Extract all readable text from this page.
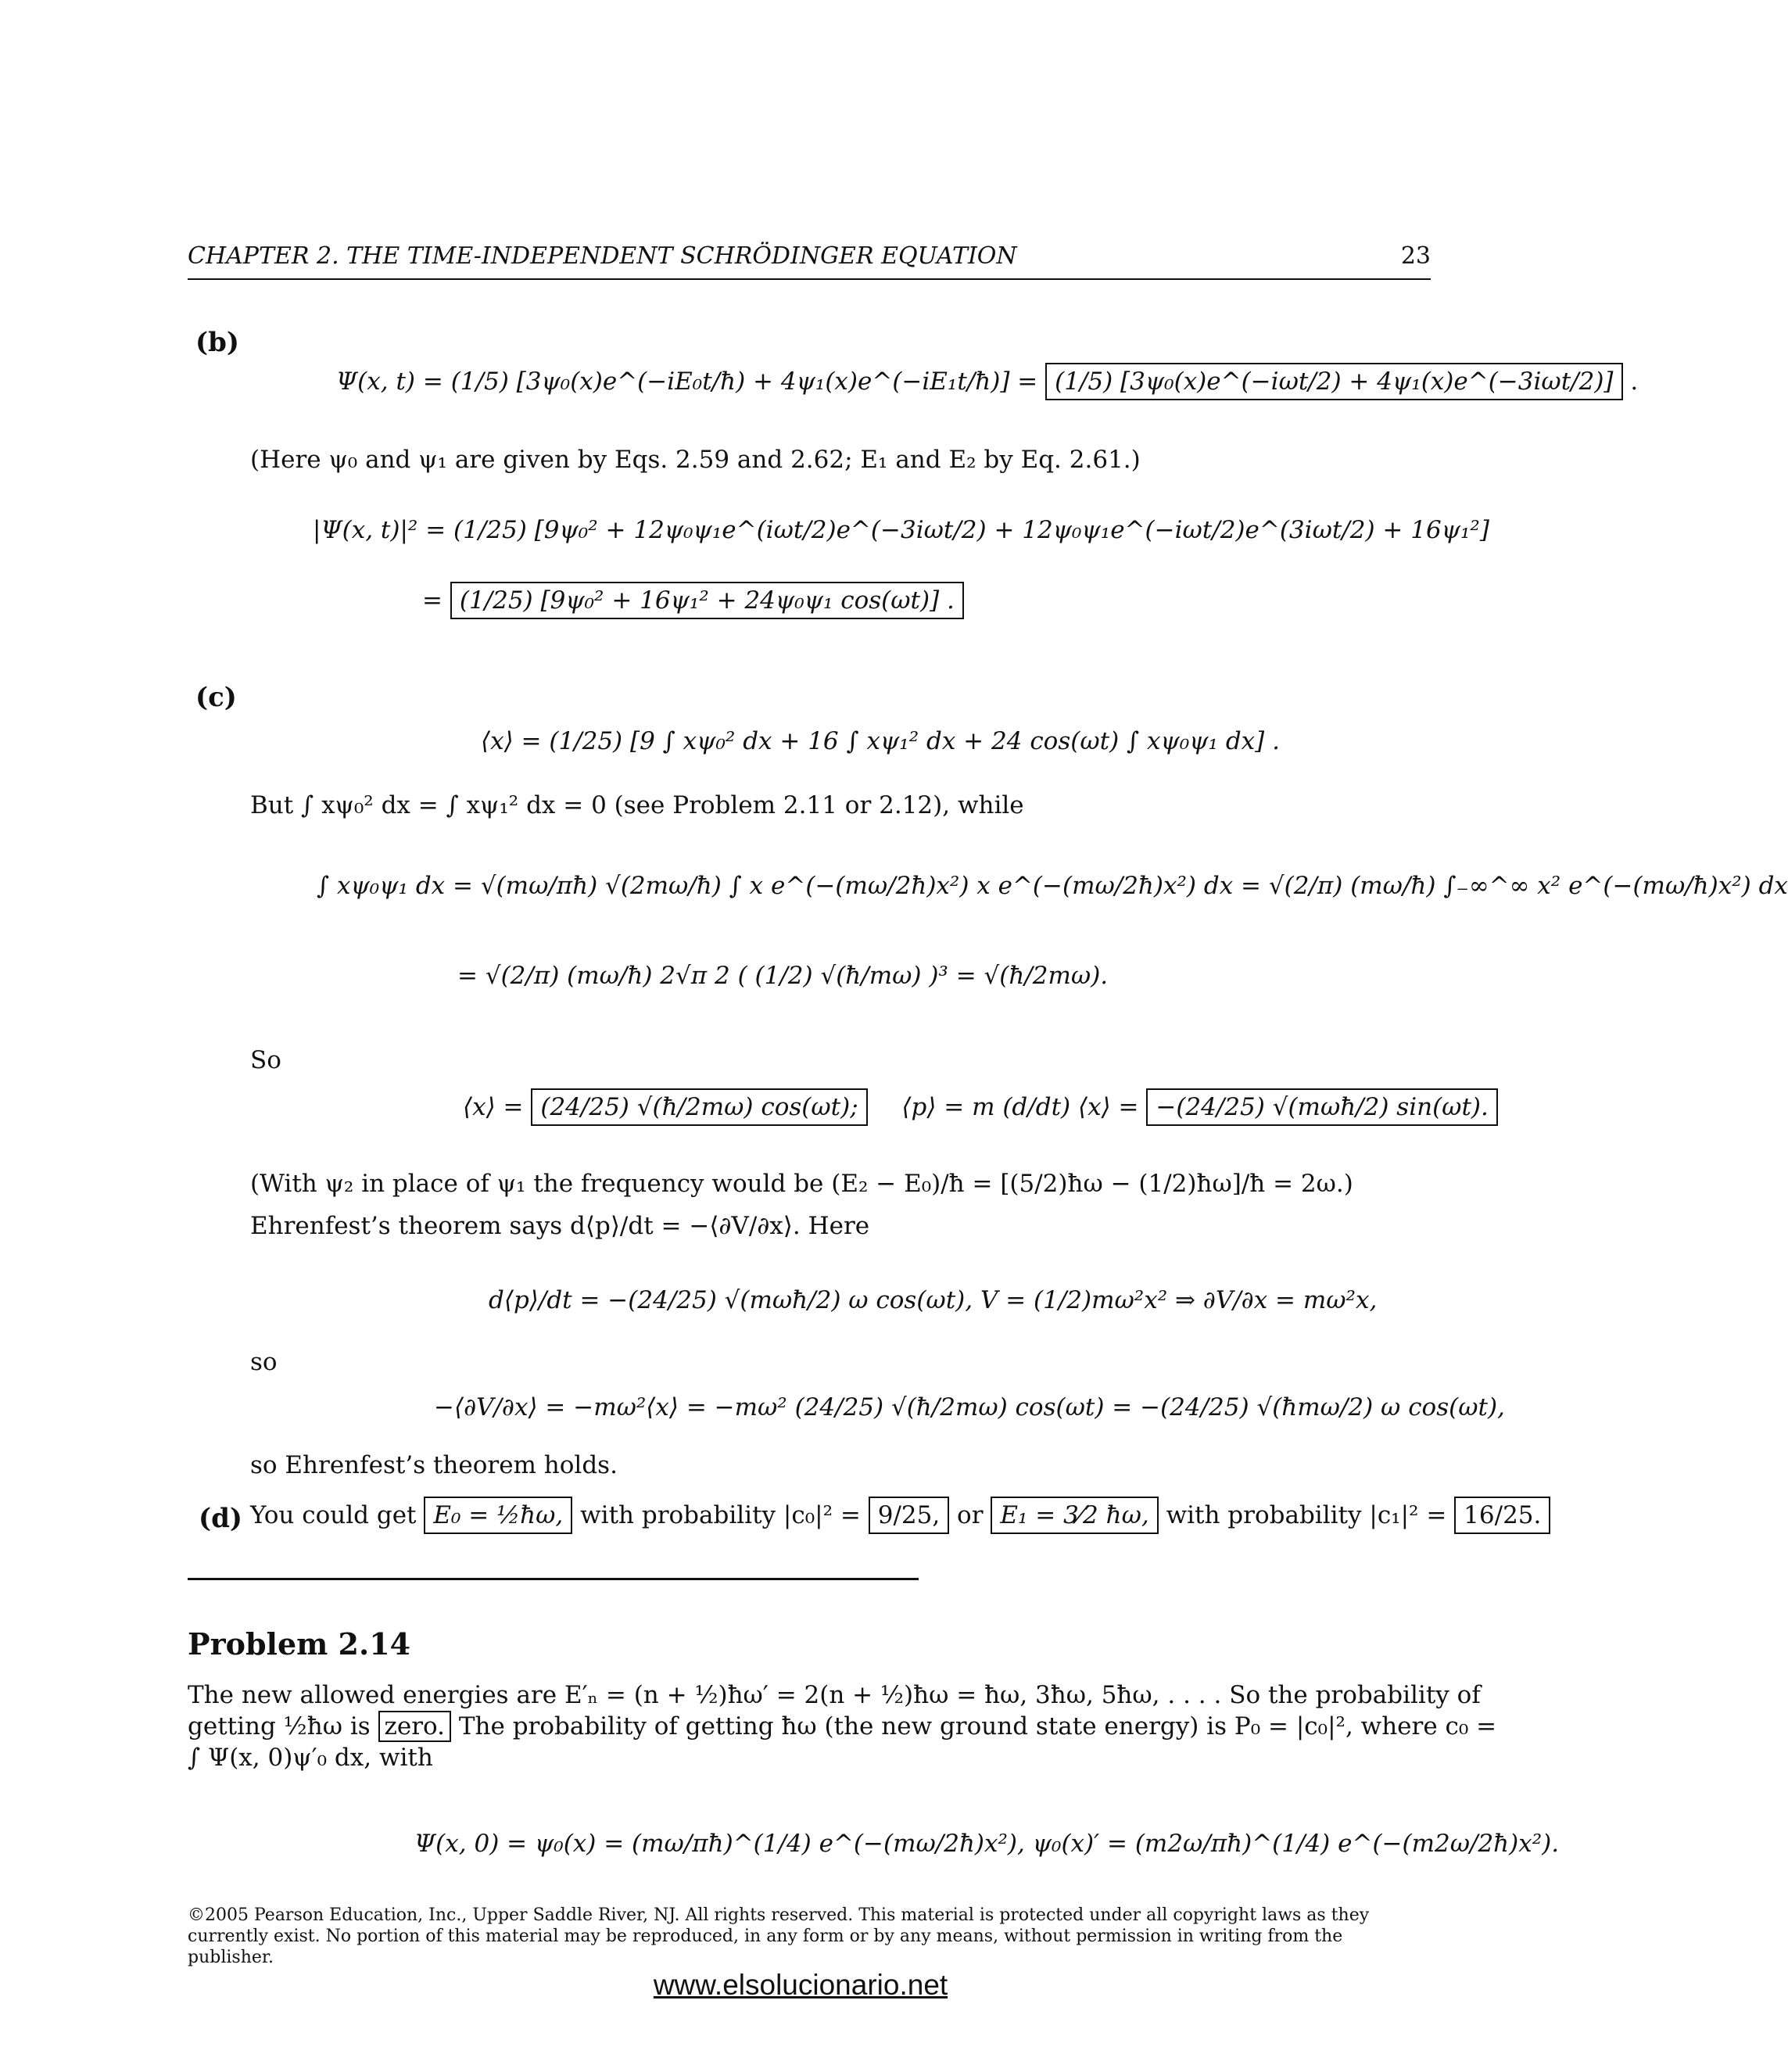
CHAPTER 2. THE TIME-INDEPENDENT SCHRÖDINGER EQUATION	23
(b)
Ψ(x, t) = (1/5) [3ψ₀(x)e^(−iE₀t/ħ) + 4ψ₁(x)e^(−iE₁t/ħ)] = (1/5) [3ψ₀(x)e^(−iωt/2) + 4ψ₁(x)e^(−3iωt/2)] .
(Here ψ₀ and ψ₁ are given by Eqs. 2.59 and 2.62; E₁ and E₂ by Eq. 2.61.)
|Ψ(x, t)|² = (1/25) [9ψ₀² + 12ψ₀ψ₁e^(iωt/2)e^(−3iωt/2) + 12ψ₀ψ₁e^(−iωt/2)e^(3iωt/2) + 16ψ₁²]
= (1/25) [9ψ₀² + 16ψ₁² + 24ψ₀ψ₁ cos(ωt)] .
(c)
⟨x⟩ = (1/25) [9 ∫ xψ₀² dx + 16 ∫ xψ₁² dx + 24 cos(ωt) ∫ xψ₀ψ₁ dx] .
But ∫ xψ₀² dx = ∫ xψ₁² dx = 0 (see Problem 2.11 or 2.12), while
∫ xψ₀ψ₁ dx = √(mω/πħ) √(2mω/ħ) ∫ x e^(−(mω/2ħ)x²) x e^(−(mω/2ħ)x²) dx = √(2/π) (mω/ħ) ∫₋∞^∞ x² e^(−(mω/ħ)x²) dx
= √(2/π) (mω/ħ) 2√π 2 ( (1/2) √(ħ/mω) )³ = √(ħ/2mω).
So
⟨x⟩ = (24/25) √(ħ/2mω) cos(ωt); ⟨p⟩ = m (d/dt) ⟨x⟩ = −(24/25) √(mωħ/2) sin(ωt).
(With ψ₂ in place of ψ₁ the frequency would be (E₂ − E₀)/ħ = [(5/2)ħω − (1/2)ħω]/ħ = 2ω.)
Ehrenfest’s theorem says d⟨p⟩/dt = −⟨∂V/∂x⟩. Here
d⟨p⟩/dt = −(24/25) √(mωħ/2) ω cos(ωt), V = (1/2)mω²x² ⇒ ∂V/∂x = mω²x,
so
−⟨∂V/∂x⟩ = −mω²⟨x⟩ = −mω² (24/25) √(ħ/2mω) cos(ωt) = −(24/25) √(ħmω/2) ω cos(ωt),
so Ehrenfest’s theorem holds.
(d) You could get E₀ = ½ħω, with probability |c₀|² = 9/25, or E₁ = 3⁄2 ħω, with probability |c₁|² = 16/25.
Problem 2.14
The new allowed energies are E′ₙ = (n + ½)ħω′ = 2(n + ½)ħω = ħω, 3ħω, 5ħω, . . . . So the probability of
getting ½ħω is zero. The probability of getting ħω (the new ground state energy) is P₀ = |c₀|², where c₀ =
∫ Ψ(x, 0)ψ′₀ dx, with
Ψ(x, 0) = ψ₀(x) = (mω/πħ)^(1/4) e^(−(mω/2ħ)x²), ψ₀(x)′ = (m2ω/πħ)^(1/4) e^(−(m2ω/2ħ)x²).
©2005 Pearson Education, Inc., Upper Saddle River, NJ. All rights reserved. This material is protected under all copyright laws as they currently exist. No portion of this material may be reproduced, in any form or by any means, without permission in writing from the publisher.
www.elsolucionario.net
